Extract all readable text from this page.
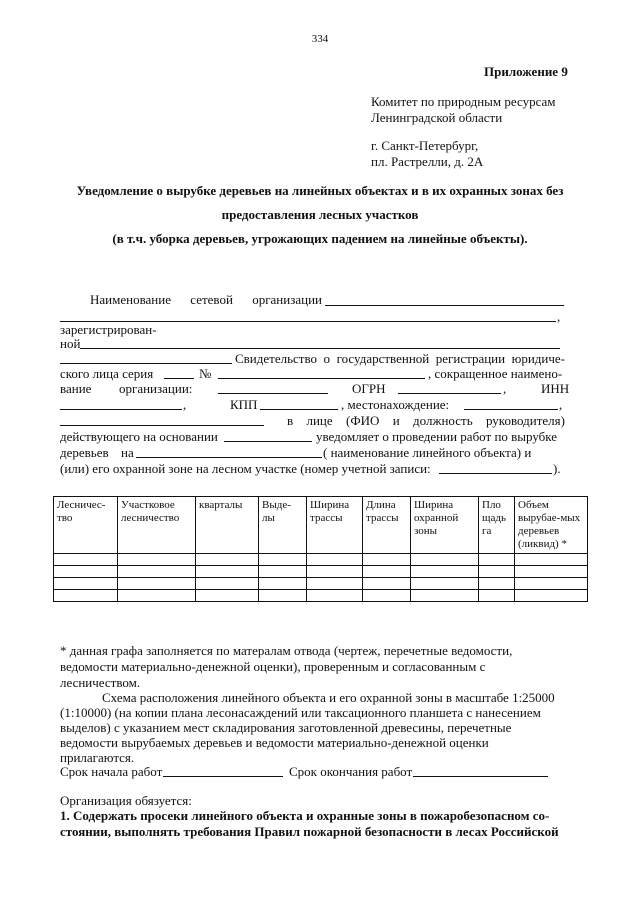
334
Приложение 9
Комитет по природным ресурсам
Ленинградской области
г. Санкт-Петербург,
пл. Растрелли, д. 2А
Уведомление о вырубке деревьев на линейных объектах и в их охранных зонах без
предоставления лесных участков
(в т.ч. уборка деревьев, угрожающих падением на линейные объекты).
Наименование сетевой организации
,
зарегистрирован-
ной
Свидетельство о государственной регистрации юридиче-
ского лица серия	№	, сокращенное наимено-
вание организации:	ОГРН	,	ИНН
,	КПП	, местонахождение:	,
в лице (ФИО и должность руководителя)
действующего на основании	уведомляет о проведении работ по вырубке
деревьев на	( наименование линейного объекта) и
(или) его охранной зоне на лесном участке (номер учетной записи:	).
Лесничес-тво	Участковое лесничество	кварталы	Выде-лы	Ширина трассы	Длина трассы	Ширина охранной зоны	Пло щадь га	Объем вырубае-мых деревьев (ликвид) *

* данная графа заполняется по матералам отвода (чертеж, перечетные ведомости,
ведомости материально-денежной оценки), проверенным и согласованным с
лесничеством.
Схема расположения линейного объекта и его охранной зоны в масштабе 1:25000
(1:10000) (на копии плана лесонасаждений или таксационного планшета с нанесением
выделов) с указанием мест складирования заготовленной древесины, перечетные
ведомости вырубаемых деревьев и ведомости материально-денежной оценки
прилагаются.
Срок начала работ	Срок окончания работ
Организация обязуется:
1. Содержать просеки линейного объекта и охранные зоны в пожаробезопасном со-
стоянии, выполнять требования Правил пожарной безопасности в лесах Российской
